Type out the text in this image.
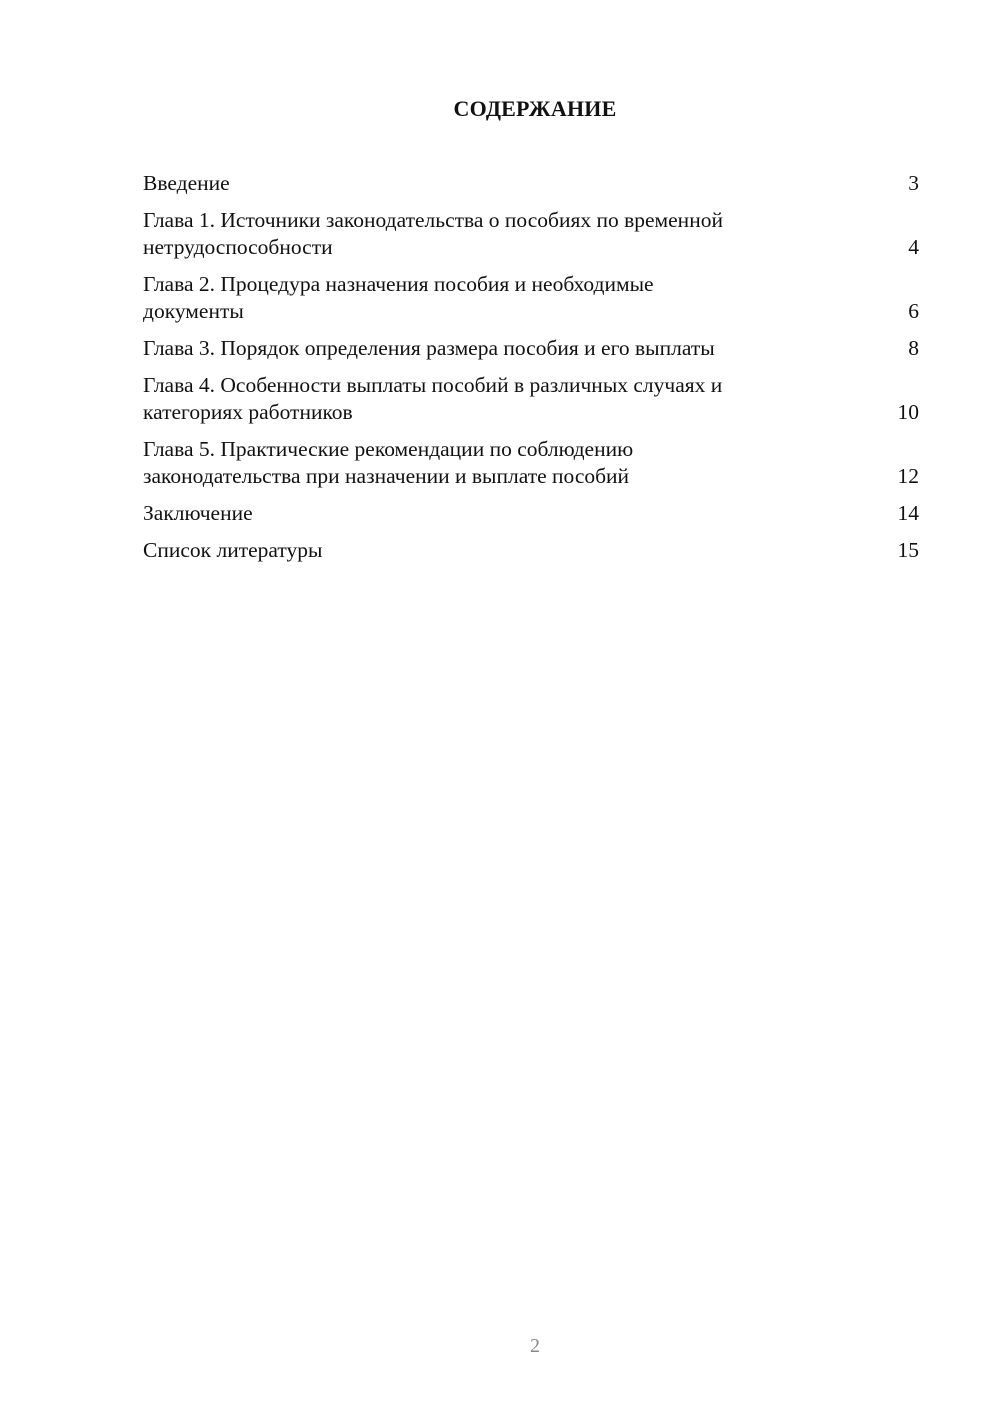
СОДЕРЖАНИЕ
Введение	3
Глава 1. Источники законодательства о пособиях по временной
нетрудоспособности	4
Глава 2. Процедура назначения пособия и необходимые
документы	6
Глава 3. Порядок определения размера пособия и его выплаты	8
Глава 4. Особенности выплаты пособий в различных случаях и
категориях работников	10
Глава 5. Практические рекомендации по соблюдению
законодательства при назначении и выплате пособий	12
Заключение	14
Список литературы	15
2
